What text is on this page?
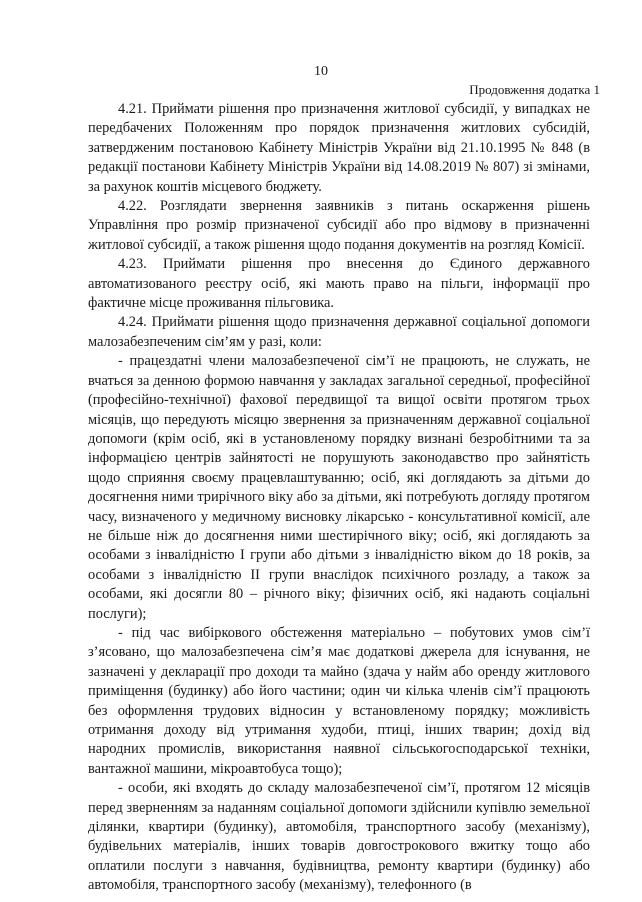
10
Продовження додатка 1

4.21. Приймати рішення про призначення житлової субсидії, у випадках не передбачених Положенням про порядок призначення житлових субсидій, затвердженим постановою Кабінету Міністрів України від 21.10.1995 № 848 (в редакції постанови Кабінету Міністрів України від 14.08.2019 № 807) зі змінами, за рахунок коштів місцевого бюджету.

4.22. Розглядати звернення заявників з питань оскарження рішень Управління про розмір призначеної субсидії або про відмову в призначенні житлової субсидії, а також рішення щодо подання документів на розгляд Комісії.

4.23. Приймати рішення про внесення до Єдиного державного автоматизованого реєстру осіб, які мають право на пільги, інформації про фактичне місце проживання пільговика.

4.24. Приймати рішення щодо призначення державної соціальної допомоги малозабезпеченим сім’ям у разі, коли:

- працездатні члени малозабезпеченої сім’ї не працюють, не служать, не вчаться за денною формою навчання у закладах загальної середньої, професійної (професійно-технічної) фахової передвищої та вищої освіти протягом трьох місяців, що передують місяцю звернення за призначенням державної соціальної допомоги (крім осіб, які в установленому порядку визнані безробітними та за інформацією центрів зайнятості не порушують законодавство про зайнятість щодо сприяння своєму працевлаштуванню; осіб, які доглядають за дітьми до досягнення ними трирічного віку або за дітьми, які потребують догляду протягом часу, визначеного у медичному висновку лікарсько - консультативної комісії, але не більше ніж до досягнення ними шестирічного віку; осіб, які доглядають за особами з інвалідністю І групи або дітьми з інвалідністю віком до 18 років, за особами з інвалідністю ІІ групи внаслідок психічного розладу, а також за особами, які досягли 80 – річного віку; фізичних осіб, які надають соціальні послуги);

- під час вибіркового обстеження матеріально – побутових умов сім’ї з’ясовано, що малозабезпечена сім’я має додаткові джерела для існування, не зазначені у декларації про доходи та майно (здача у найм або оренду житлового приміщення (будинку) або його частини; один чи кілька членів сім’ї працюють без оформлення трудових відносин у встановленому порядку; можливість отримання доходу від утримання худоби, птиці, інших тварин; дохід від народних промислів, використання наявної сільськогосподарської техніки, вантажної машини, мікроавтобуса тощо);

- особи, які входять до складу малозабезпеченої сім’ї, протягом 12 місяців перед зверненням за наданням соціальної допомоги здійснили купівлю земельної ділянки, квартири (будинку), автомобіля, транспортного засобу (механізму), будівельних матеріалів, інших товарів довгострокового вжитку тощо або оплатили послуги з навчання, будівництва, ремонту квартири (будинку) або автомобіля, транспортного засобу (механізму), телефонного (в
